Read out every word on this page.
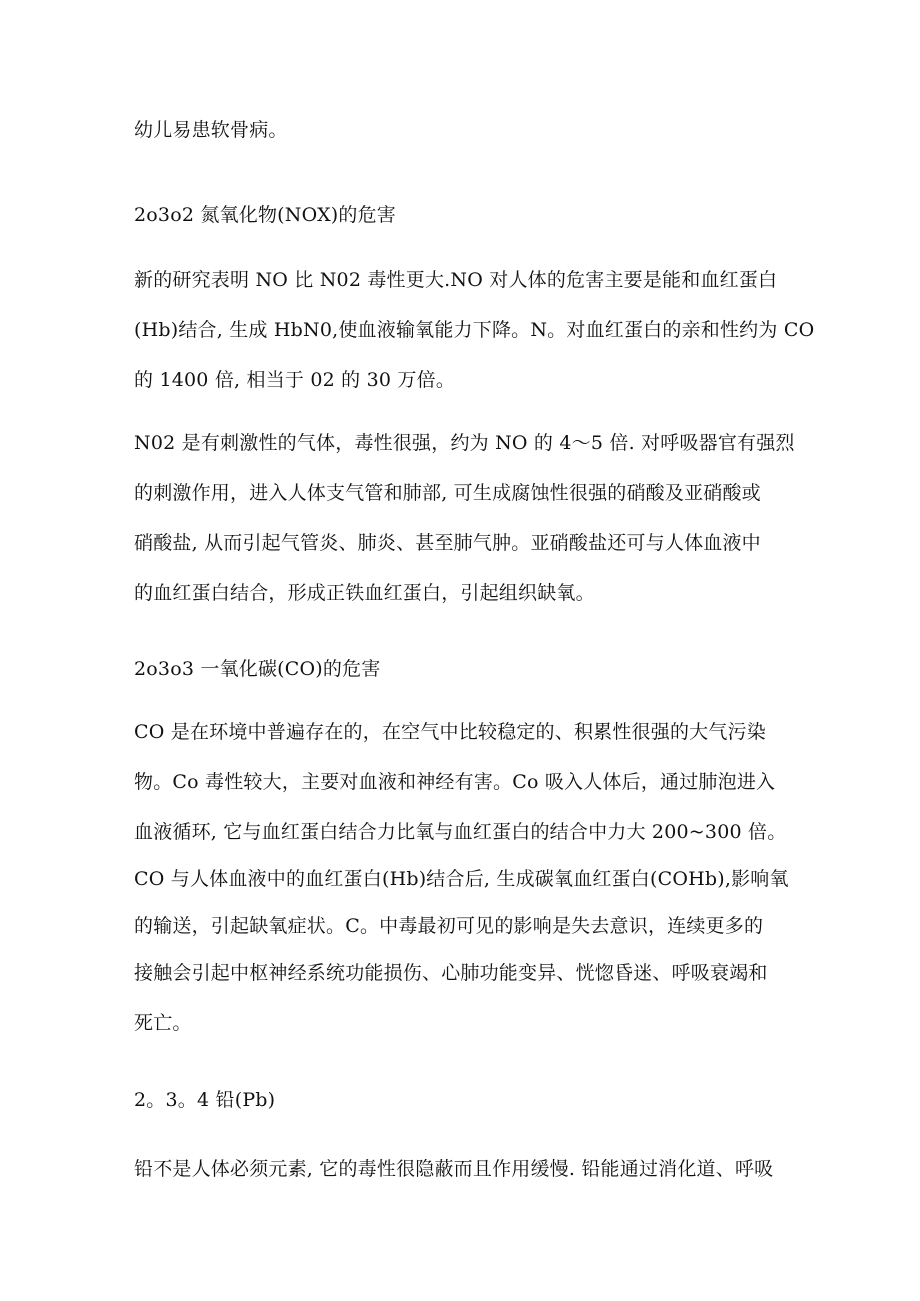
幼儿易患软骨病。
2o3o2 氮氧化物(NOX)的危害
新的研究表明 NO 比 N02 毒性更大.NO 对人体的危害主要是能和血红蛋白
(Hb)结合, 生成 HbN0,使血液输氧能力下降。N。对血红蛋白的亲和性约为 CO
的 1400 倍, 相当于 02 的 30 万倍。
N02 是有刺激性的气体，毒性很强，约为 NO 的 4～5 倍. 对呼吸器官有强烈
的刺激作用，进入人体支气管和肺部, 可生成腐蚀性很强的硝酸及亚硝酸或
硝酸盐, 从而引起气管炎、肺炎、甚至肺气肿。亚硝酸盐还可与人体血液中
的血红蛋白结合，形成正铁血红蛋白，引起组织缺氧。
2o3o3 一氧化碳(CO)的危害
CO 是在环境中普遍存在的，在空气中比较稳定的、积累性很强的大气污染
物。Co 毒性较大，主要对血液和神经有害。Co 吸入人体后，通过肺泡进入
血液循环, 它与血红蛋白结合力比氧与血红蛋白的结合中力大 200~300 倍。
CO 与人体血液中的血红蛋白(Hb)结合后, 生成碳氧血红蛋白(COHb),影响氧
的输送，引起缺氧症状。C。中毒最初可见的影响是失去意识，连续更多的
接触会引起中枢神经系统功能损伤、心肺功能变异、恍惚昏迷、呼吸衰竭和
死亡。
2。3。4 铅(Pb)
铅不是人体必须元素, 它的毒性很隐蔽而且作用缓慢. 铅能通过消化道、呼吸
